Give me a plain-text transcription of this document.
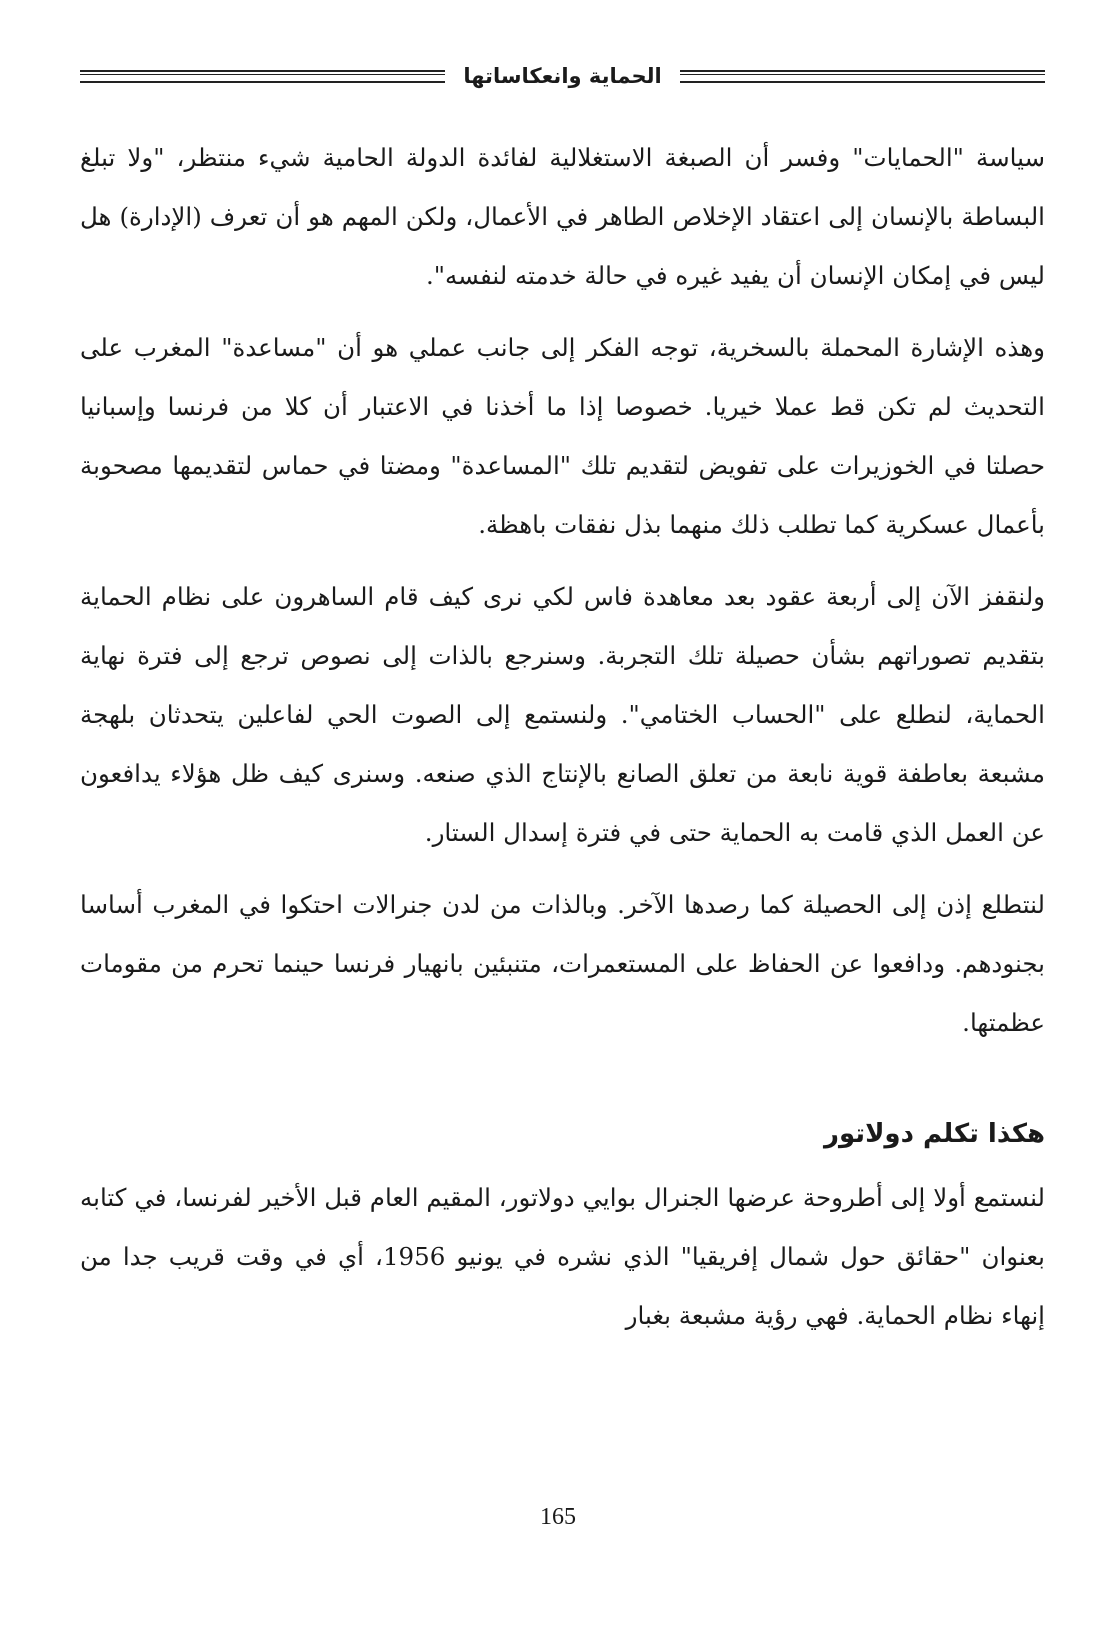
الحماية وانعكاساتها

سياسة "الحمايات" وفسر أن الصبغة الاستغلالية لفائدة الدولة الحامية شيء منتظر، "ولا تبلغ البساطة بالإنسان إلى اعتقاد الإخلاص الطاهر في الأعمال، ولكن المهم هو أن تعرف (الإدارة) هل ليس في إمكان الإنسان أن يفيد غيره في حالة خدمته لنفسه".

وهذه الإشارة المحملة بالسخرية، توجه الفكر إلى جانب عملي هو أن "مساعدة" المغرب على التحديث لم تكن قط عملا خيريا. خصوصا إذا ما أخذنا في الاعتبار أن كلا من فرنسا وإسبانيا حصلتا في الخوزيرات على تفويض لتقديم تلك "المساعدة" ومضتا في حماس لتقديمها مصحوبة بأعمال عسكرية كما تطلب ذلك منهما بذل نفقات باهظة.

ولنقفز الآن إلى أربعة عقود بعد معاهدة فاس لكي نرى كيف قام الساهرون على نظام الحماية بتقديم تصوراتهم بشأن حصيلة تلك التجربة. وسنرجع بالذات إلى نصوص ترجع إلى فترة نهاية الحماية، لنطلع على "الحساب الختامي". ولنستمع إلى الصوت الحي لفاعلين يتحدثان بلهجة مشبعة بعاطفة قوية نابعة من تعلق الصانع بالإنتاج الذي صنعه. وسنرى كيف ظل هؤلاء يدافعون عن العمل الذي قامت به الحماية حتى في فترة إسدال الستار.

لنتطلع إذن إلى الحصيلة كما رصدها الآخر. وبالذات من لدن جنرالات احتكوا في المغرب أساسا بجنودهم. ودافعوا عن الحفاظ على المستعمرات، متنبئين بانهيار فرنسا حينما تحرم من مقومات عظمتها.

هكذا تكلم دولاتور

لنستمع أولا إلى أطروحة عرضها الجنرال بوايي دولاتور، المقيم العام قبل الأخير لفرنسا، في كتابه بعنوان "حقائق حول شمال إفريقيا" الذي نشره في يونيو 1956، أي في وقت قريب جدا من إنهاء نظام الحماية. فهي رؤية مشبعة بغبار

165
